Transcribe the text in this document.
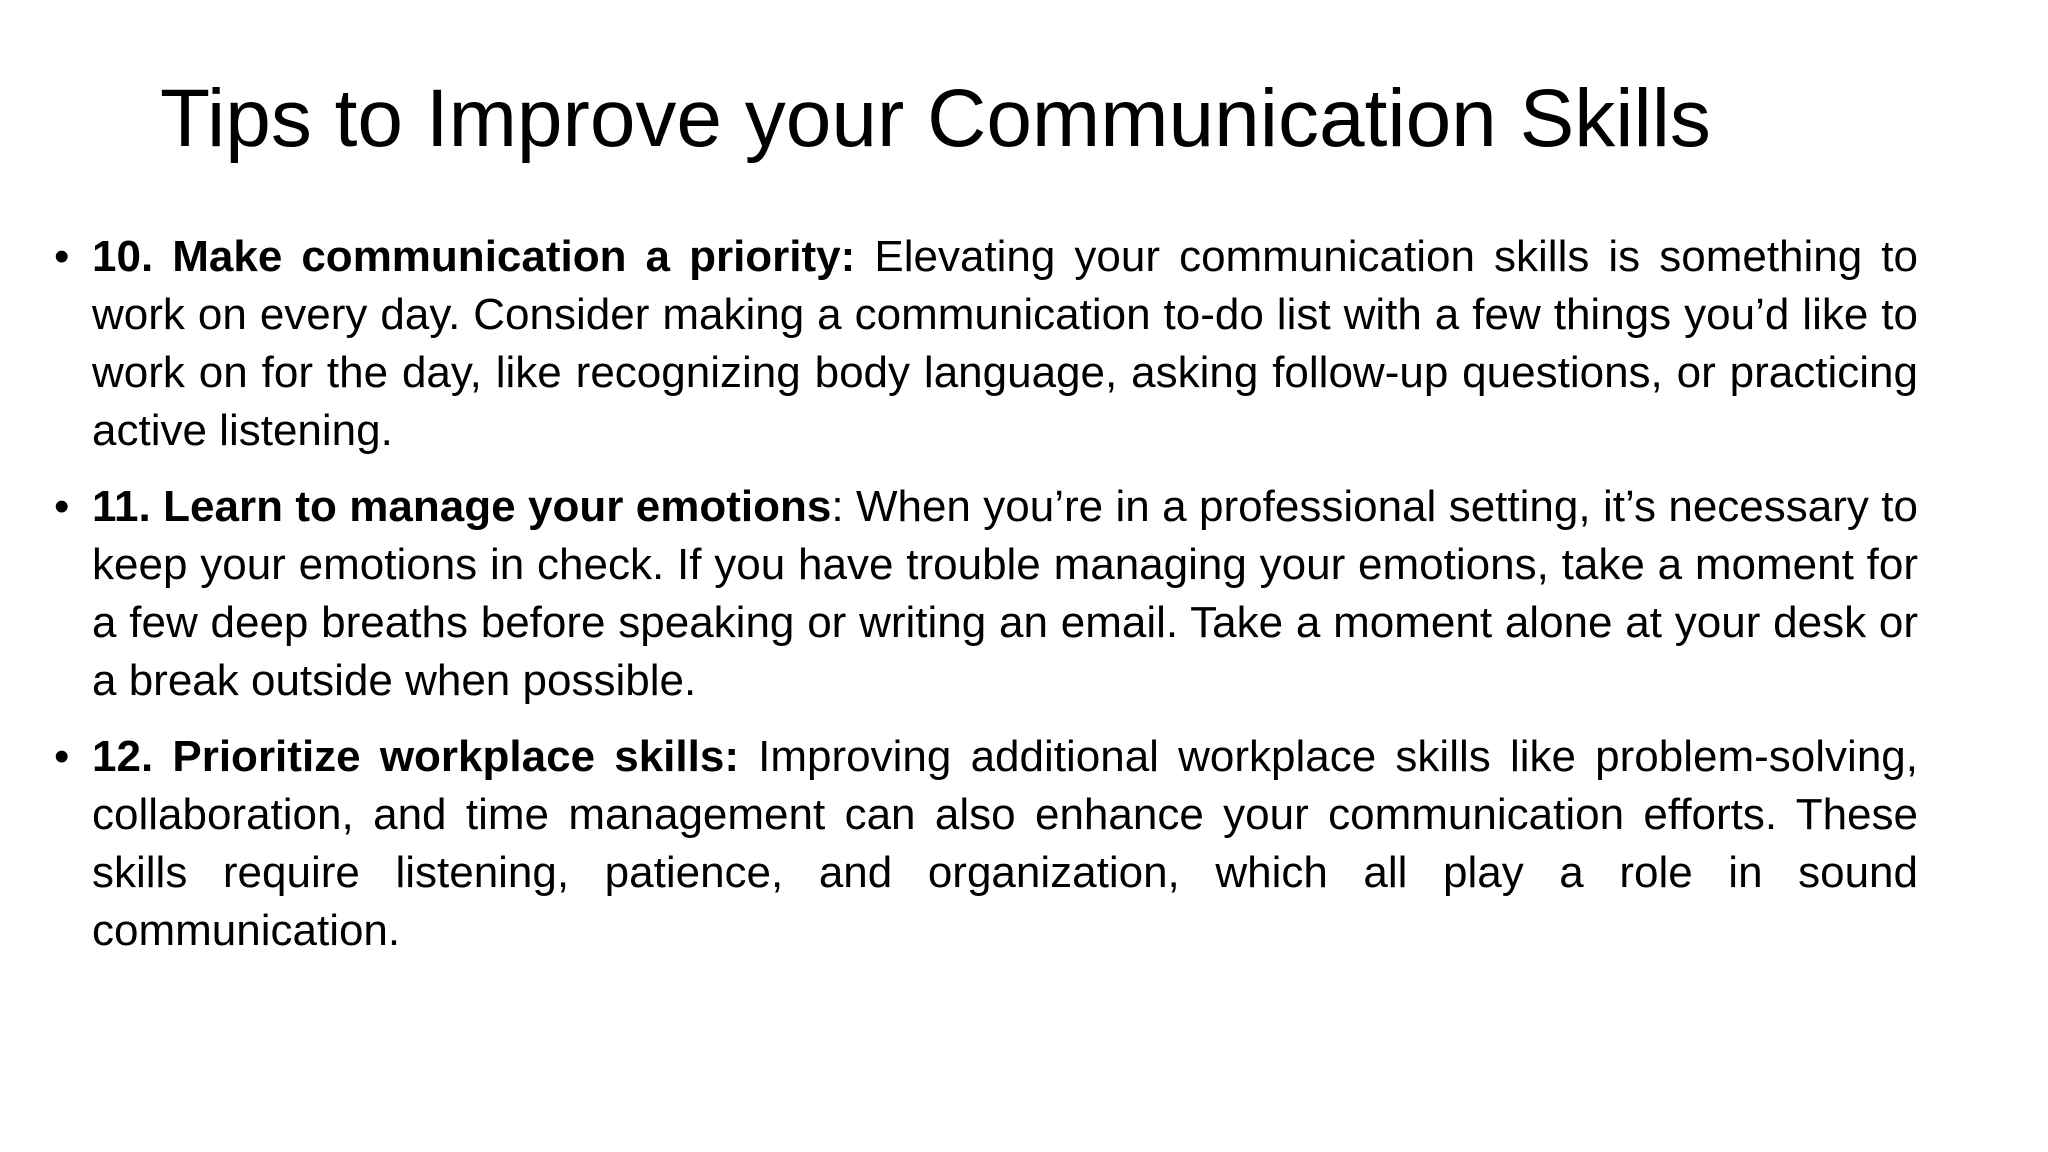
Tips to Improve your Communication Skills
• 10. Make communication a priority: Elevating your communication skills is something to work on every day. Consider making a communication to-do list with a few things you’d like to work on for the day, like recognizing body language, asking follow-up questions, or practicing active listening.
• 11. Learn to manage your emotions: When you’re in a professional setting, it’s necessary to keep your emotions in check. If you have trouble managing your emotions, take a moment for a few deep breaths before speaking or writing an email. Take a moment alone at your desk or a break outside when possible.
• 12. Prioritize workplace skills: Improving additional workplace skills like problem-solving, collaboration, and time management can also enhance your communication efforts. These skills require listening, patience, and organization, which all play a role in sound communication.
